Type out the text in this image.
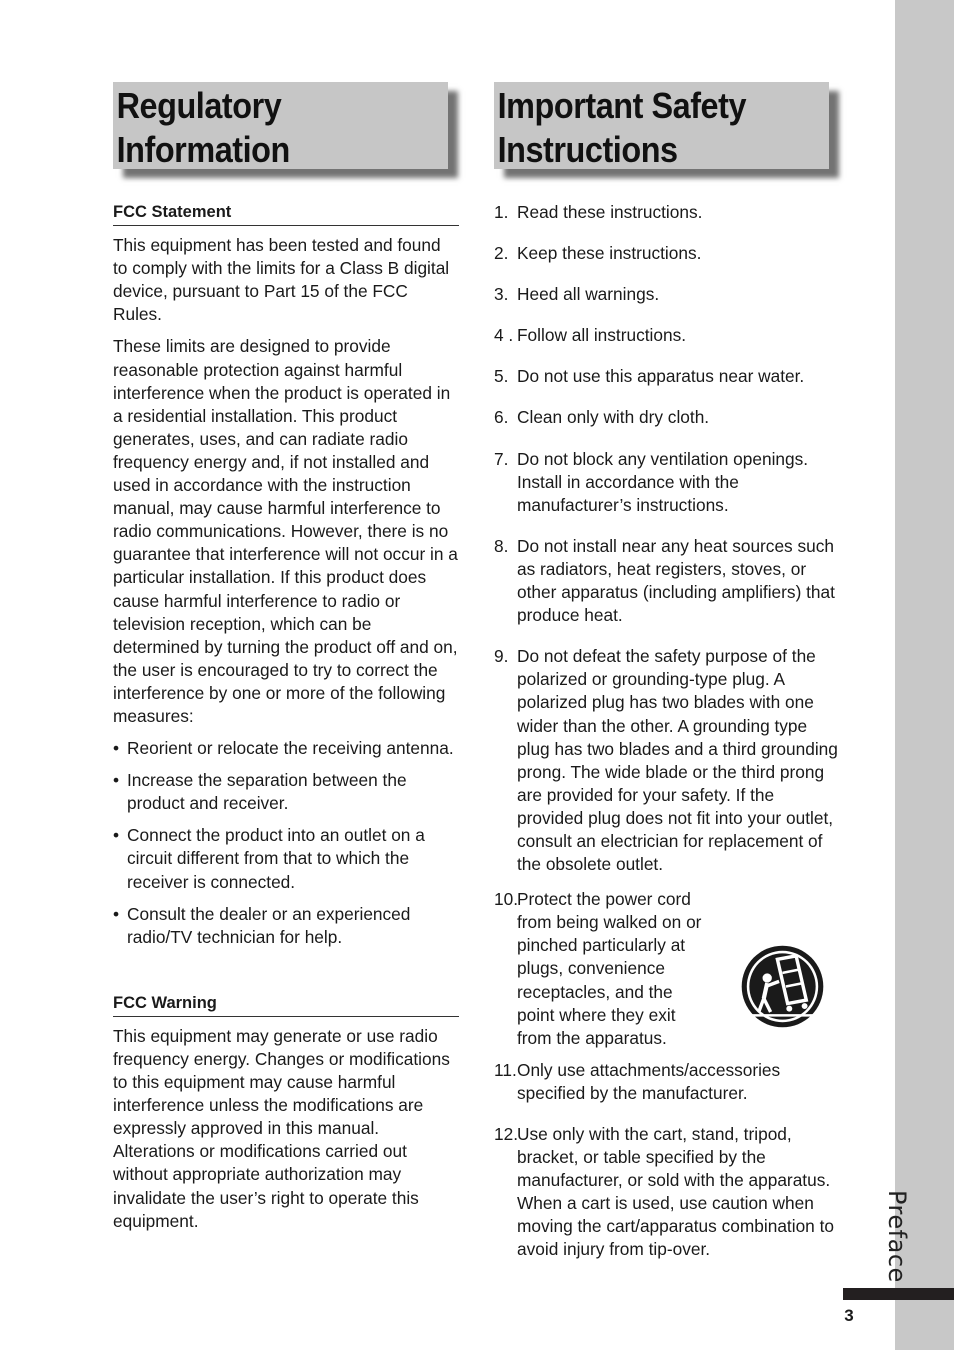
Preface
3
Regulatory Information
Important Safety Instructions
FCC Statement

This equipment has been tested and found to comply with the limits for a Class B digital device, pursuant to Part 15 of the FCC Rules.

These limits are designed to provide reasonable protection against harmful interference when the product is operated in a residential installation. This product generates, uses, and can radiate radio frequency energy and, if not installed and used in accordance with the instruction manual, may cause harmful interference to radio communications. However, there is no guarantee that interference will not occur in a particular installation. If this product does cause harmful interference to radio or television reception, which can be determined by turning the product off and on, the user is encouraged to try to correct the interference by one or more of the following measures:

• Reorient or relocate the receiving antenna.
• Increase the separation between the product and receiver.
• Connect the product into an outlet on a circuit different from that to which the receiver is connected.
• Consult the dealer or an experienced radio/TV technician for help.
FCC Warning

This equipment may generate or use radio frequency energy. Changes or modifications to this equipment may cause harmful interference unless the modifications are expressly approved in this manual. Alterations or modifications carried out without appropriate authorization may invalidate the user’s right to operate this equipment.

1. Read these instructions.
2. Keep these instructions.
3. Heed all warnings.
4 . Follow all instructions.
5. Do not use this apparatus near water.
6. Clean only with dry cloth.
7. Do not block any ventilation openings. Install in accordance with the manufacturer’s instructions.
8. Do not install near any heat sources such as radiators, heat registers, stoves, or other apparatus (including amplifiers) that produce heat.
9. Do not defeat the safety purpose of the polarized or grounding-type plug. A polarized plug has two blades with one wider than the other. A grounding type plug has two blades and a third grounding prong. The wide blade or the third prong are provided for your safety. If the provided plug does not fit into your outlet, consult an electrician for replacement of the obsolete outlet.
10.
Protect the power cord from being walked on or pinched particularly at plugs, convenience receptacles, and the point where they exit from the apparatus.
11. Only use attachments/accessories specified by the manufacturer.
12.
Use only with the cart, stand, tripod, bracket, or table specified by the manufacturer, or sold with the apparatus. When a cart is used, use caution when moving the cart/apparatus combination to avoid injury from tip-over.
